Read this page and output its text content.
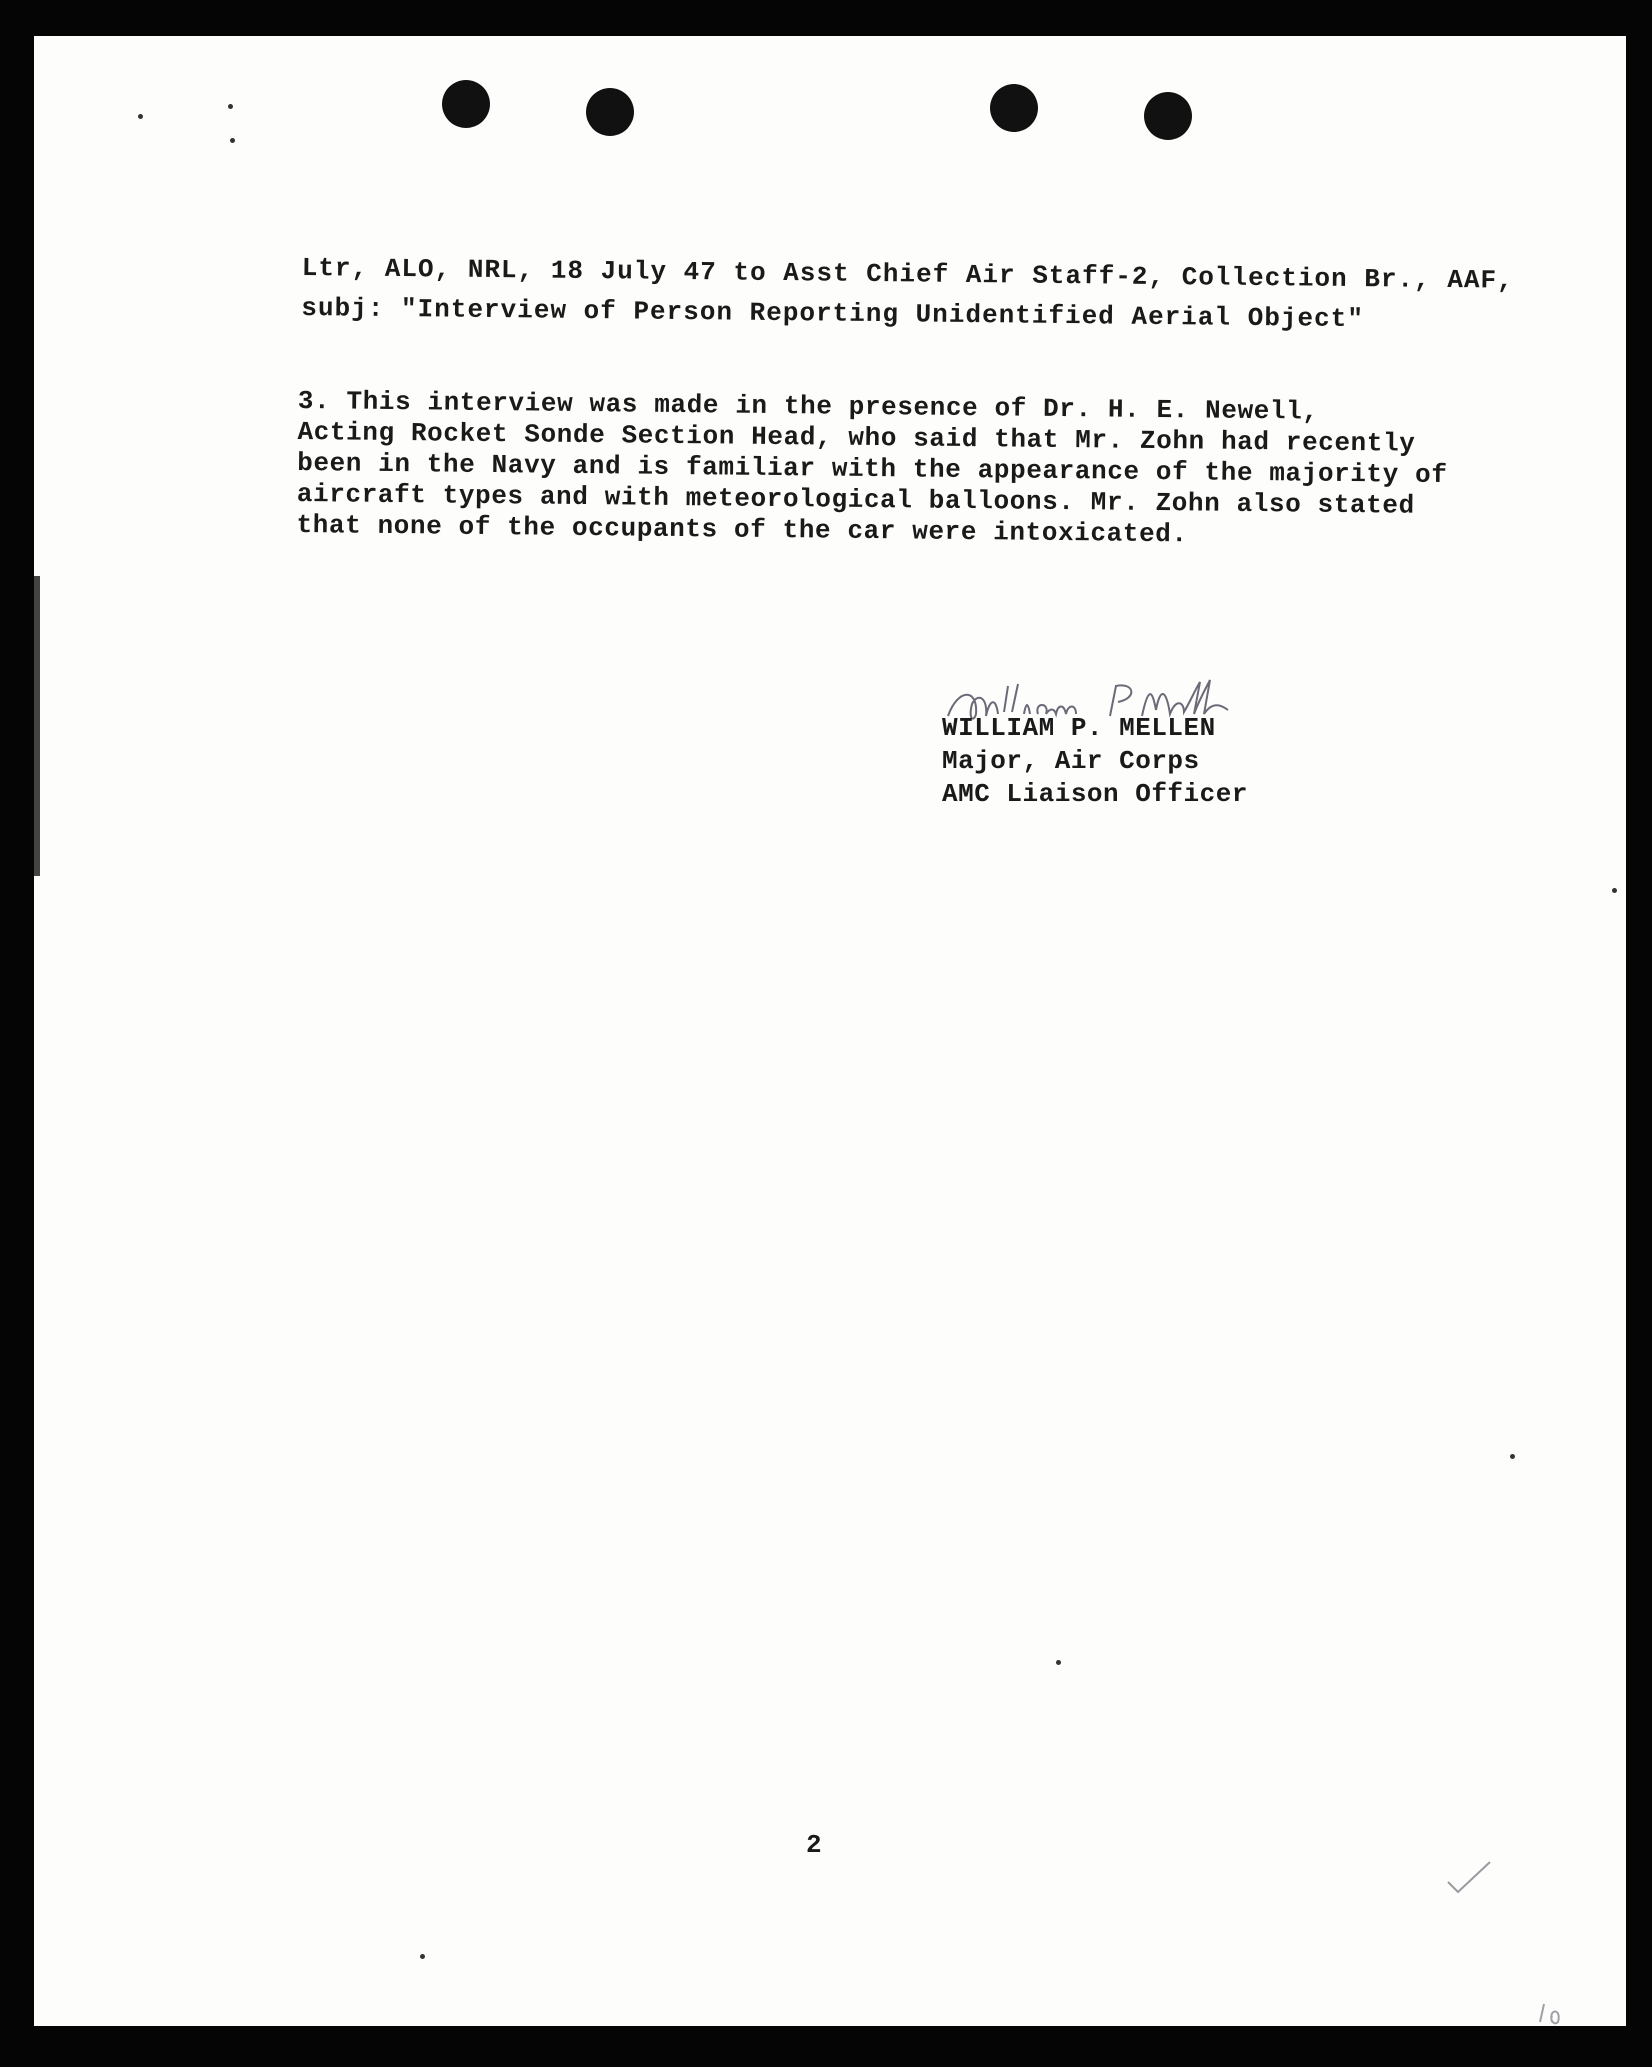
Ltr, ALO, NRL, 18 July 47 to Asst Chief Air Staff-2, Collection Br., AAF,
subj: "Interview of Person Reporting Unidentified Aerial Object"
3. This interview was made in the presence of Dr. H. E. Newell,
Acting Rocket Sonde Section Head, who said that Mr. Zohn had recently
been in the Navy and is familiar with the appearance of the majority of
aircraft types and with meteorological balloons. Mr. Zohn also stated
that none of the occupants of the car were intoxicated.
WILLIAM P. MELLEN
Major, Air Corps
AMC Liaison Officer
2
